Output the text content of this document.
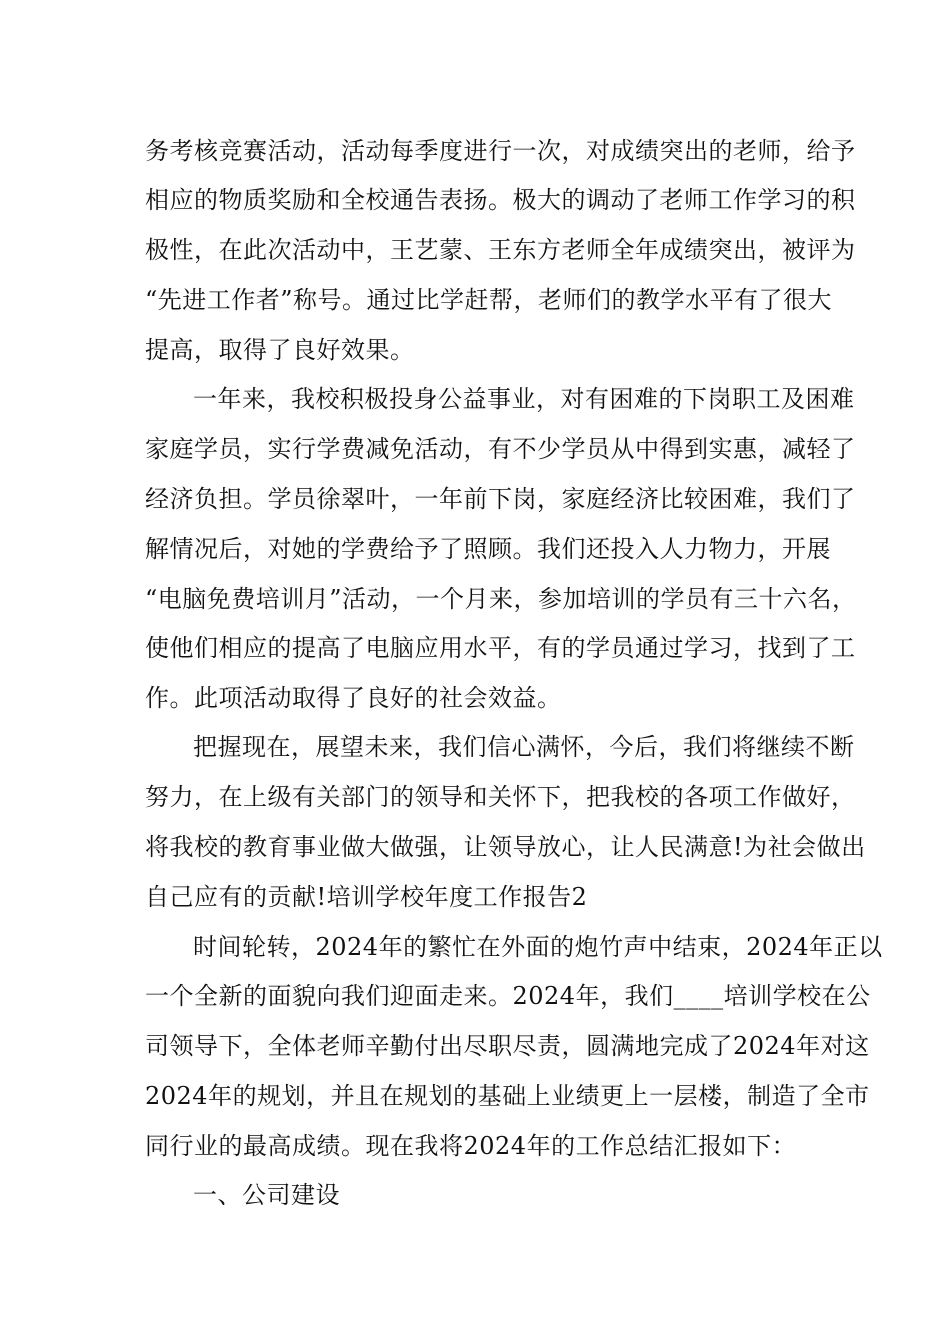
务考核竞赛活动，活动每季度进行一次，对成绩突出的老师，给予
相应的物质奖励和全校通告表扬。极大的调动了老师工作学习的积
极性，在此次活动中，王艺蒙、王东方老师全年成绩突出，被评为
“先进工作者”称号。通过比学赶帮，老师们的教学水平有了很大
提高，取得了良好效果。
一年来，我校积极投身公益事业，对有困难的下岗职工及困难
家庭学员，实行学费减免活动，有不少学员从中得到实惠，减轻了
经济负担。学员徐翠叶，一年前下岗，家庭经济比较困难，我们了
解情况后，对她的学费给予了照顾。我们还投入人力物力，开展
“电脑免费培训月”活动，一个月来，参加培训的学员有三十六名，
使他们相应的提高了电脑应用水平，有的学员通过学习，找到了工
作。此项活动取得了良好的社会效益。
把握现在，展望未来，我们信心满怀，今后，我们将继续不断
努力，在上级有关部门的领导和关怀下，把我校的各项工作做好，
将我校的教育事业做大做强，让领导放心，让人民满意!为社会做出
自己应有的贡献!培训学校年度工作报告2
时间轮转，2024年的繁忙在外面的炮竹声中结束，2024年正以
一个全新的面貌向我们迎面走来。2024年，我们____培训学校在公
司领导下，全体老师辛勤付出尽职尽责，圆满地完成了2024年对这
2024年的规划，并且在规划的基础上业绩更上一层楼，制造了全市
同行业的最高成绩。现在我将2024年的工作总结汇报如下：
一、公司建设
